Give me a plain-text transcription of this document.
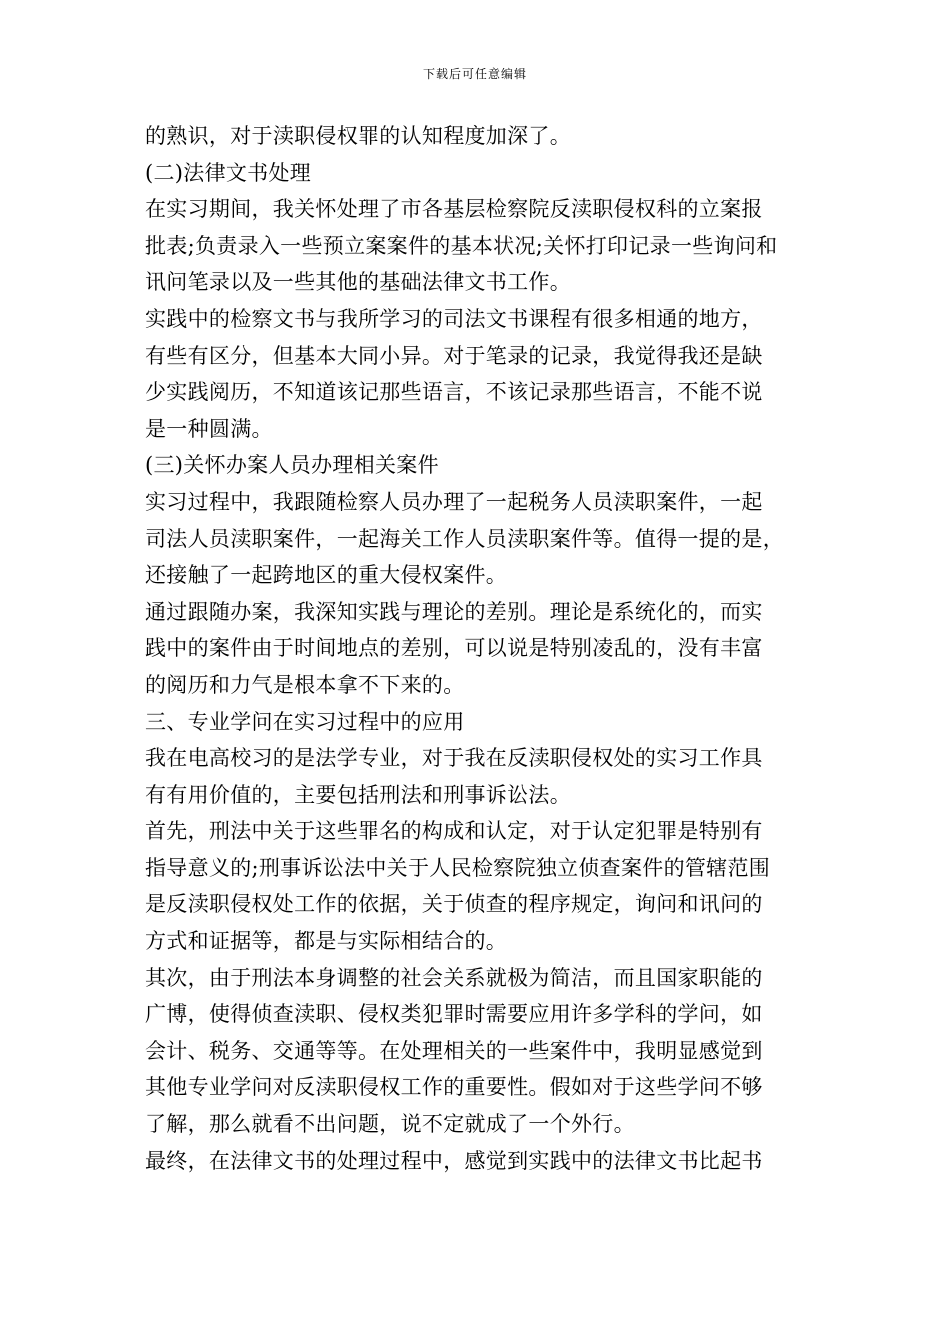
下载后可任意编辑
的熟识，对于渎职侵权罪的认知程度加深了。
(二)法律文书处理
在实习期间，我关怀处理了市各基层检察院反渎职侵权科的立案报
批表;负责录入一些预立案案件的基本状况;关怀打印记录一些询问和
讯问笔录以及一些其他的基础法律文书工作。
实践中的检察文书与我所学习的司法文书课程有很多相通的地方，
有些有区分，但基本大同小异。对于笔录的记录，我觉得我还是缺
少实践阅历，不知道该记那些语言，不该记录那些语言，不能不说
是一种圆满。
(三)关怀办案人员办理相关案件
实习过程中，我跟随检察人员办理了一起税务人员渎职案件，一起
司法人员渎职案件，一起海关工作人员渎职案件等。值得一提的是，
还接触了一起跨地区的重大侵权案件。
通过跟随办案，我深知实践与理论的差别。理论是系统化的，而实
践中的案件由于时间地点的差别，可以说是特别凌乱的，没有丰富
的阅历和力气是根本拿不下来的。
三、专业学问在实习过程中的应用
我在电高校习的是法学专业，对于我在反渎职侵权处的实习工作具
有有用价值的，主要包括刑法和刑事诉讼法。
首先，刑法中关于这些罪名的构成和认定，对于认定犯罪是特别有
指导意义的;刑事诉讼法中关于人民检察院独立侦查案件的管辖范围
是反渎职侵权处工作的依据，关于侦查的程序规定，询问和讯问的
方式和证据等，都是与实际相结合的。
其次，由于刑法本身调整的社会关系就极为简洁，而且国家职能的
广博，使得侦查渎职、侵权类犯罪时需要应用许多学科的学问，如
会计、税务、交通等等。在处理相关的一些案件中，我明显感觉到
其他专业学问对反渎职侵权工作的重要性。假如对于这些学问不够
了解，那么就看不出问题，说不定就成了一个外行。
最终，在法律文书的处理过程中，感觉到实践中的法律文书比起书
